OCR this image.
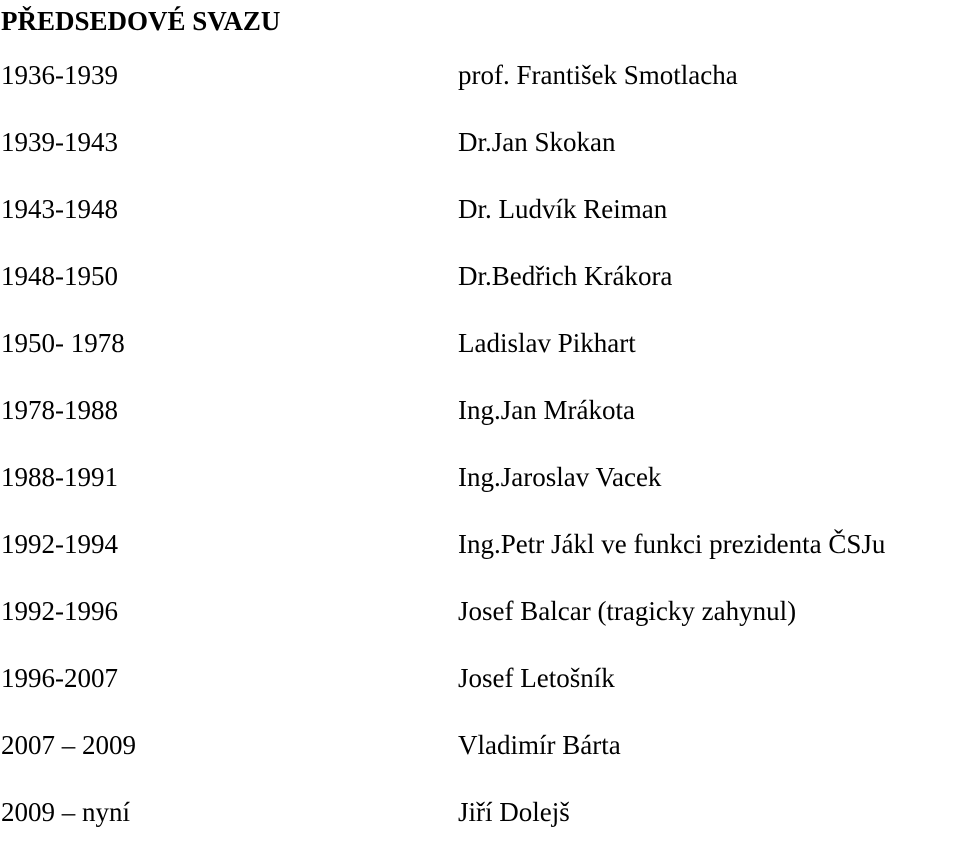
PŘEDSEDOVÉ SVAZU
1936-1939	prof. František Smotlacha
1939-1943	Dr.Jan Skokan
1943-1948	Dr. Ludvík Reiman
1948-1950	Dr.Bedřich Krákora
1950- 1978	Ladislav Pikhart
1978-1988	Ing.Jan Mrákota
1988-1991	Ing.Jaroslav Vacek
1992-1994	Ing.Petr Jákl ve funkci prezidenta ČSJu
1992-1996	Josef Balcar (tragicky zahynul)
1996-2007	Josef Letošník
2007 – 2009	Vladimír Bárta
2009 – nyní	Jiří Dolejš
